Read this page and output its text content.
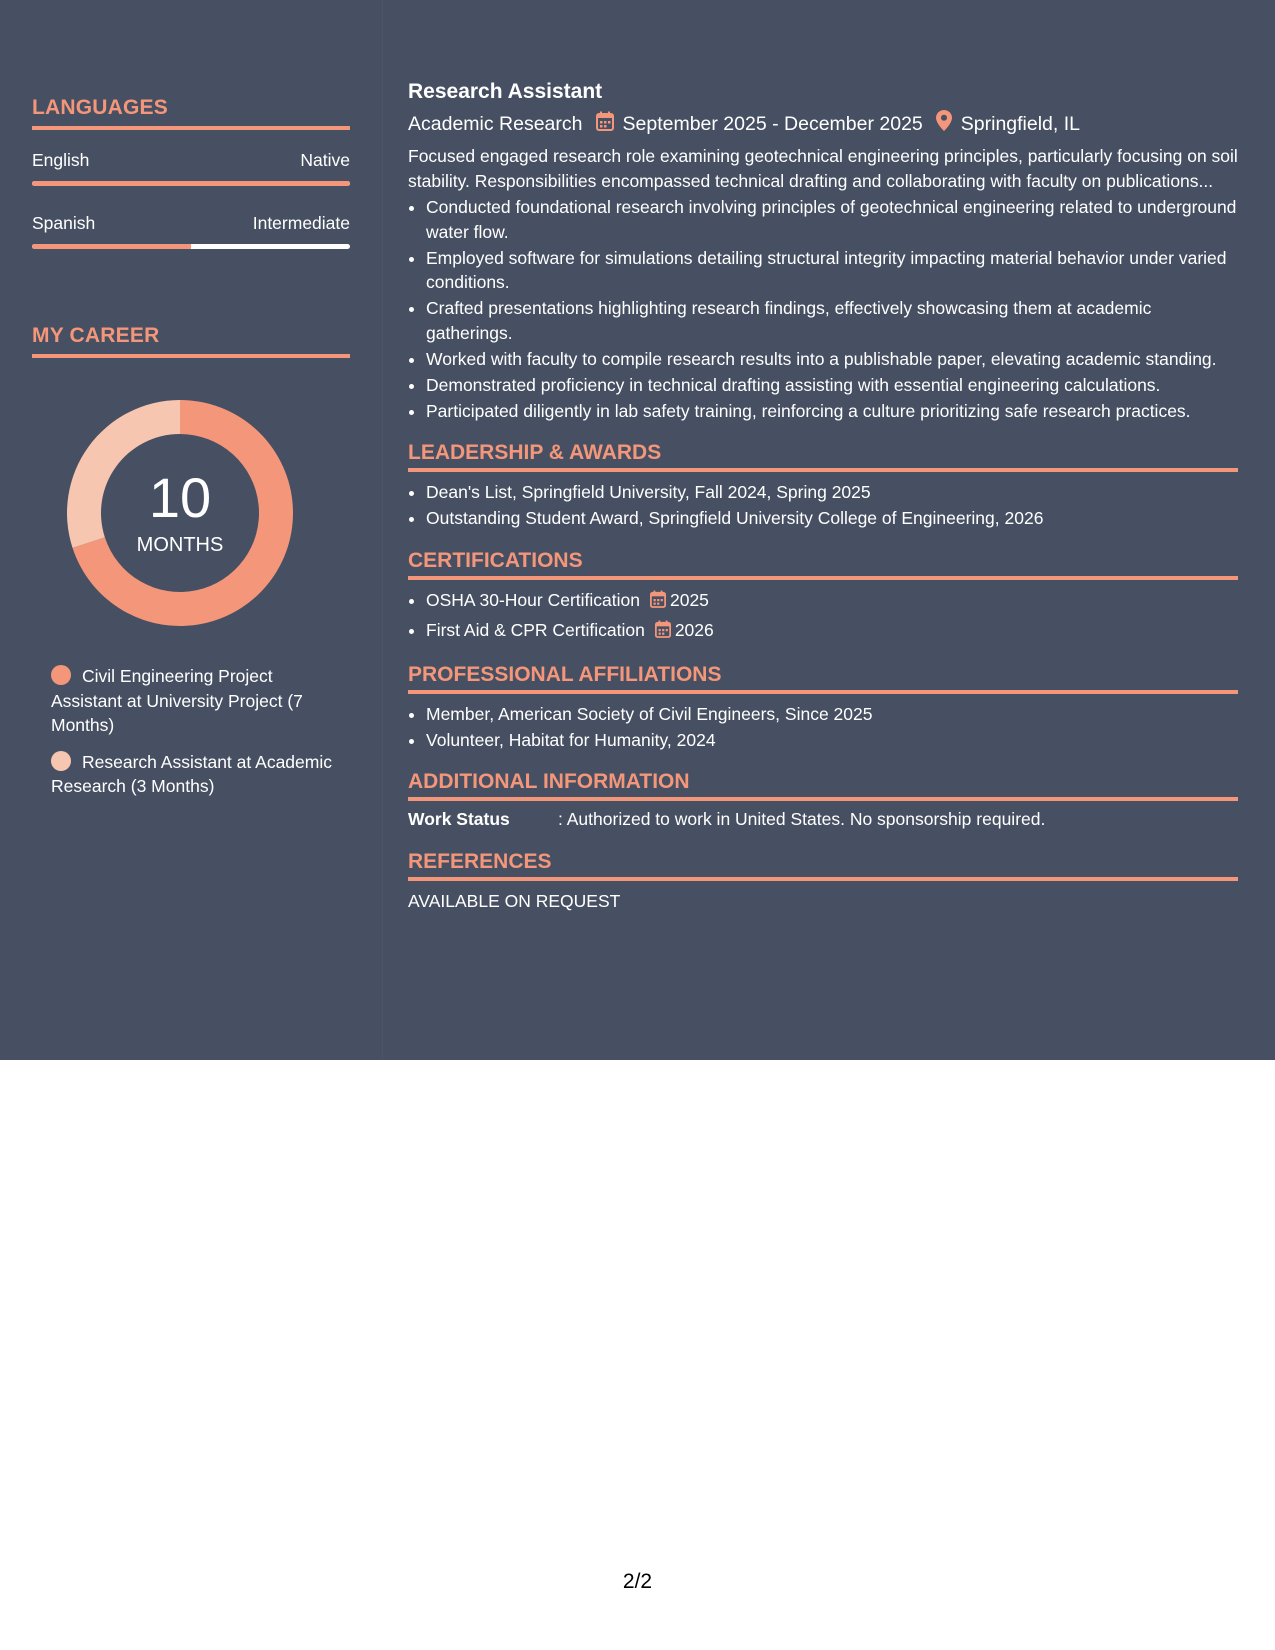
LANGUAGES
English	Native
Spanish	Intermediate
MY CAREER
10
MONTHS
Civil Engineering Project Assistant at University Project (7 Months)
Research Assistant at Academic Research (3 Months)
Research Assistant
Academic Research September 2025 - December 2025 Springfield, IL
Focused engaged research role examining geotechnical engineering principles, particularly focusing on soil stability. Responsibilities encompassed technical drafting and collaborating with faculty on publications...
• Conducted foundational research involving principles of geotechnical engineering related to underground water flow.
• Employed software for simulations detailing structural integrity impacting material behavior under varied conditions.
• Crafted presentations highlighting research findings, effectively showcasing them at academic gatherings.
• Worked with faculty to compile research results into a publishable paper, elevating academic standing.
• Demonstrated proficiency in technical drafting assisting with essential engineering calculations.
• Participated diligently in lab safety training, reinforcing a culture prioritizing safe research practices.
LEADERSHIP & AWARDS
• Dean's List, Springfield University, Fall 2024, Spring 2025
• Outstanding Student Award, Springfield University College of Engineering, 2026
CERTIFICATIONS
• OSHA 30-Hour Certification 2025
• First Aid & CPR Certification 2026
PROFESSIONAL AFFILIATIONS
• Member, American Society of Civil Engineers, Since 2025
• Volunteer, Habitat for Humanity, 2024
ADDITIONAL INFORMATION
Work Status	: Authorized to work in United States. No sponsorship required.
REFERENCES
AVAILABLE ON REQUEST
2/2
